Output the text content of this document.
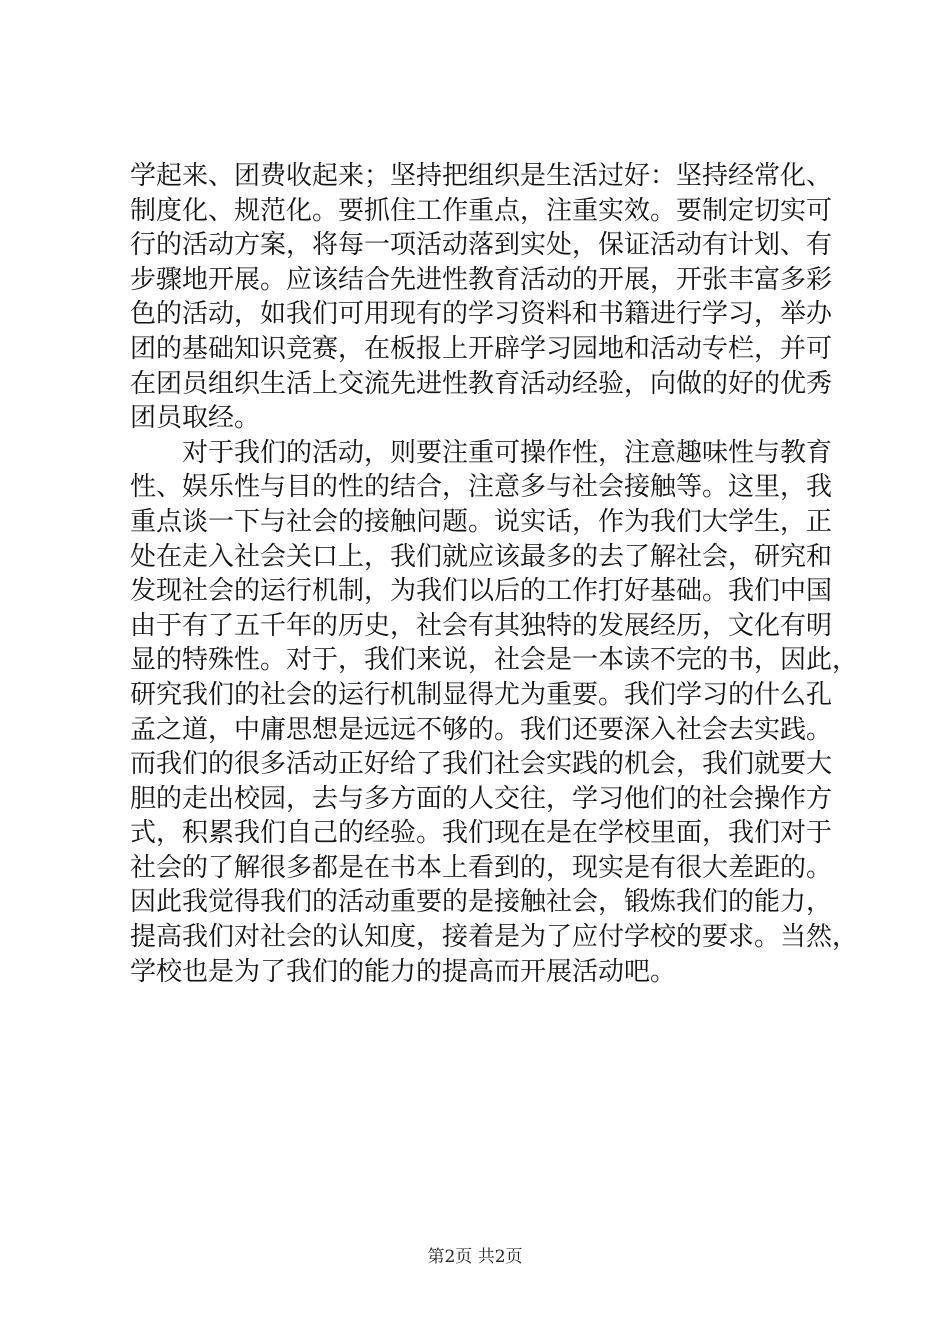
学起来、团费收起来；坚持把组织是生活过好：坚持经常化、
制度化、规范化。要抓住工作重点，注重实效。要制定切实可
行的活动方案，将每一项活动落到实处，保证活动有计划、有
步骤地开展。应该结合先进性教育活动的开展，开张丰富多彩
色的活动，如我们可用现有的学习资料和书籍进行学习，举办
团的基础知识竞赛，在板报上开辟学习园地和活动专栏，并可
在团员组织生活上交流先进性教育活动经验，向做的好的优秀
团员取经。
　　对于我们的活动，则要注重可操作性，注意趣味性与教育
性、娱乐性与目的性的结合，注意多与社会接触等。这里，我
重点谈一下与社会的接触问题。说实话，作为我们大学生，正
处在走入社会关口上，我们就应该最多的去了解社会，研究和
发现社会的运行机制，为我们以后的工作打好基础。我们中国
由于有了五千年的历史，社会有其独特的发展经历，文化有明
显的特殊性。对于，我们来说，社会是一本读不完的书，因此，
研究我们的社会的运行机制显得尤为重要。我们学习的什么孔
孟之道，中庸思想是远远不够的。我们还要深入社会去实践。
而我们的很多活动正好给了我们社会实践的机会，我们就要大
胆的走出校园，去与多方面的人交往，学习他们的社会操作方
式，积累我们自己的经验。我们现在是在学校里面，我们对于
社会的了解很多都是在书本上看到的，现实是有很大差距的。
因此我觉得我们的活动重要的是接触社会，锻炼我们的能力，
提高我们对社会的认知度，接着是为了应付学校的要求。当然，
学校也是为了我们的能力的提高而开展活动吧。
第2页 共2页
